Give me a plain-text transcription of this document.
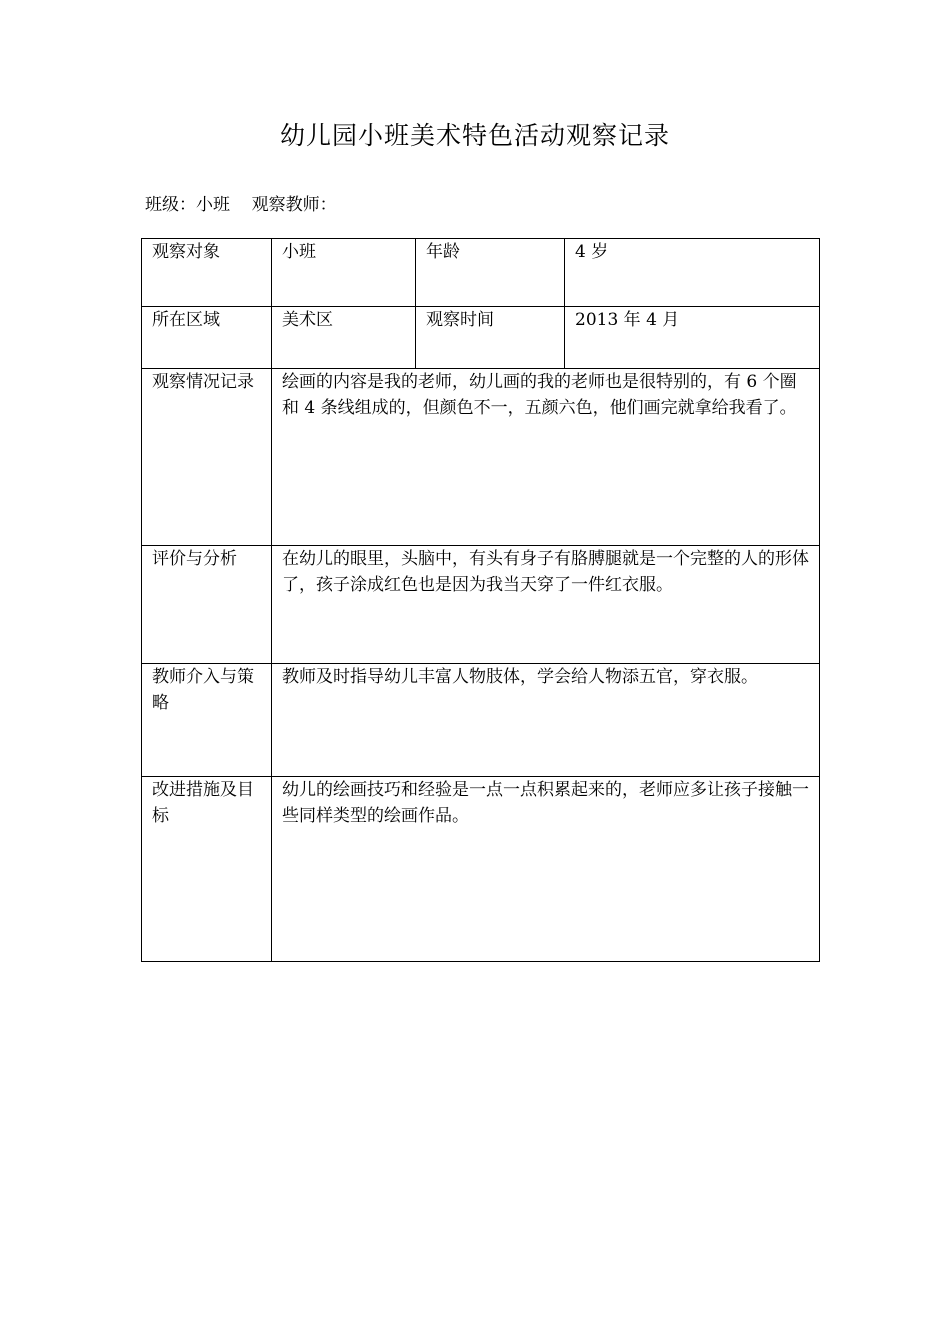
幼儿园小班美术特色活动观察记录
班级：小班    观察教师：
观察对象	小班	年龄	4 岁
所在区域	美术区	观察时间	2013 年 4 月
观察情况记录	绘画的内容是我的老师，幼儿画的我的老师也是很特别的，有 6 个圈和 4 条线组成的，但颜色不一，五颜六色，他们画完就拿给我看了。		
评价与分析	在幼儿的眼里，头脑中，有头有身子有胳膊腿就是一个完整的人的形体了，孩子涂成红色也是因为我当天穿了一件红衣服。		
教师介入与策略	教师及时指导幼儿丰富人物肢体，学会给人物添五官，穿衣服。		
改进措施及目标	幼儿的绘画技巧和经验是一点一点积累起来的，老师应多让孩子接触一些同样类型的绘画作品。		
